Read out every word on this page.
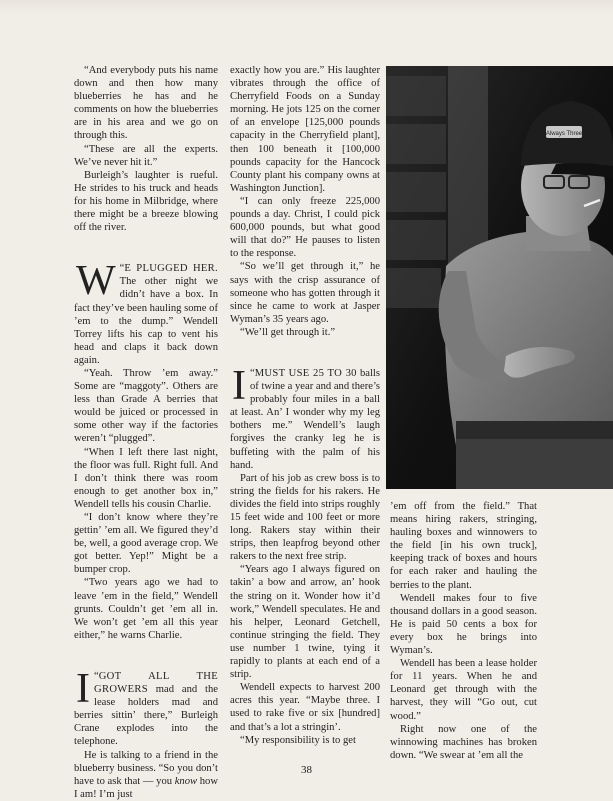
“And everybody puts his name down and then how many blueberries he has and he comments on how the blueberries are in his area and we go on through this.

“These are all the experts. We’ve never hit it.”

Burleigh’s laughter is rueful. He strides to his truck and heads for his home in Milbridge, where there might be a breeze blowing off the river.

“
W E PLUGGED HER. The other night we didn’t have a box. In fact they’ve been hauling some of ’em to the dump.” Wendell Torrey lifts his cap to vent his head and claps it back down again.

“Yeah. Throw ’em away.” Some are “maggoty”. Others are less than Grade A berries that would be juiced or processed in some other way if the factories weren’t “plugged”.

“When I left there last night, the floor was full. Right full. And I don’t think there was room enough to get another box in,” Wendell tells his cousin Charlie.

“I don’t know where they’re gettin’ ’em all. We figured they’d be, well, a good average crop. We got better. Yep!” Might be a bumper crop.

“Two years ago we had to leave ’em in the field,” Wendell grunts. Couldn’t get ’em all in. We won’t get ’em all this year either,” he warns Charlie.

“
I GOT ALL THE GROWERS mad and the lease holders mad and berries sittin’ there,” Burleigh Crane explodes into the telephone.

He is talking to a friend in the blueberry business. “So you don’t have to ask that — you know how I am! I’m just

exactly how you are.” His laughter vibrates through the office of Cherryfield Foods on a Sunday morning. He jots 125 on the corner of an envelope [125,000 pounds capacity in the Cherryfield plant], then 100 beneath it [100,000 pounds capacity for the Hancock County plant his company owns at Washington Junction].

“I can only freeze 225,000 pounds a day. Christ, I could pick 600,000 pounds, but what good will that do?” He pauses to listen to the response.

“So we’ll get through it,” he says with the crisp assurance of someone who has gotten through it since he came to work at Jasper Wyman’s 35 years ago.

“We’ll get through it.”

“
I MUST USE 25 TO 30 balls of twine a year and and there’s probably four miles in a ball at least. An’ I wonder why my leg bothers me.” Wendell’s laugh forgives the cranky leg he is buffeting with the palm of his hand.

Part of his job as crew boss is to string the fields for his rakers. He divides the field into strips roughly 15 feet wide and 100 feet or more long. Rakers stay within their strips, then leapfrog beyond other rakers to the next free strip.

“Years ago I always figured on takin’ a bow and arrow, an’ hook the string on it. Wonder how it’d work,” Wendell speculates. He and his helper, Leonard Getchell, continue stringing the field. They use number 1 twine, tying it rapidly to plants at each end of a strip.

Wendell expects to harvest 200 acres this year. “Maybe three. I used to rake five or six [hundred] and that’s a lot a stringin’.

“My responsibility is to get

Always Three

’em off from the field.” That means hiring rakers, stringing, hauling boxes and winnowers to the field [in his own truck], keeping track of boxes and hours for each raker and hauling the berries to the plant.

Wendell makes four to five thousand dollars in a good season. He is paid 50 cents a box for every box he brings into Wyman’s.

Wendell has been a lease holder for 11 years. When he and Leonard get through with the harvest, they will “Go out, cut wood.”

Right now one of the winnowing machines has broken down. “We swear at ’em all the

38
